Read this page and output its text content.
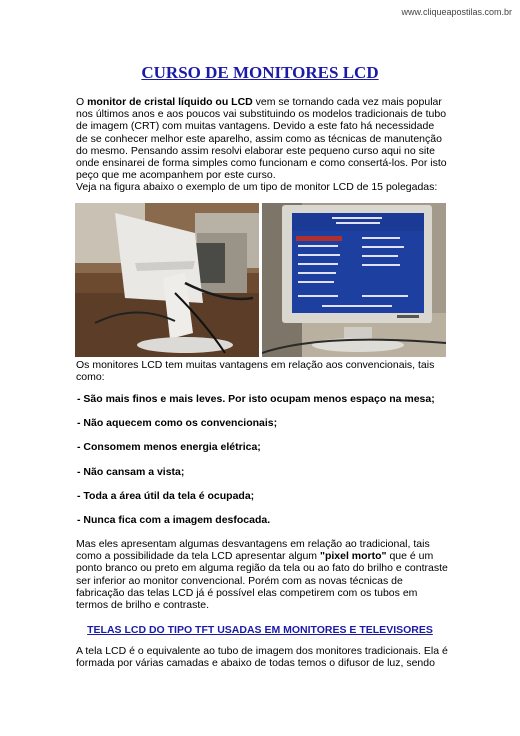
www.cliqueapostilas.com.br
CURSO DE MONITORES LCD

O monitor de cristal líquido ou LCD vem se tornando cada vez mais popular nos últimos anos e aos poucos vai substituindo os modelos tradicionais de tubo de imagem (CRT) com muitas vantagens. Devido a este fato há necessidade de se conhecer melhor este aparelho, assim como as técnicas de manutenção do mesmo. Pensando assim resolvi elaborar este pequeno curso aqui no site onde ensinarei de forma simples como funcionam e como consertá-los. Por isto peço que me acompanhem por este curso.
Veja na figura abaixo o exemplo de um tipo de monitor LCD de 15 polegadas:

Os monitores LCD tem muitas vantagens em relação aos convencionais, tais como:

- São mais finos e mais leves. Por isto ocupam menos espaço na mesa;
- Não aquecem como os convencionais;
- Consomem menos energia elétrica;
- Não cansam a vista;
- Toda a área útil da tela é ocupada;
- Nunca fica com a imagem desfocada.

Mas eles apresentam algumas desvantagens em relação ao tradicional, tais como a possibilidade da tela LCD apresentar algum "pixel morto" que é um ponto branco ou preto em alguma região da tela ou ao fato do brilho e contraste ser inferior ao monitor convencional. Porém com as novas técnicas de fabricação das telas LCD já é possível elas competirem com os tubos em termos de brilho e contraste.

TELAS LCD DO TIPO TFT USADAS EM MONITORES E TELEVISORES

A tela LCD é o equivalente ao tubo de imagem dos monitores tradicionais. Ela é formada por várias camadas e abaixo de todas temos o difusor de luz, sendo
